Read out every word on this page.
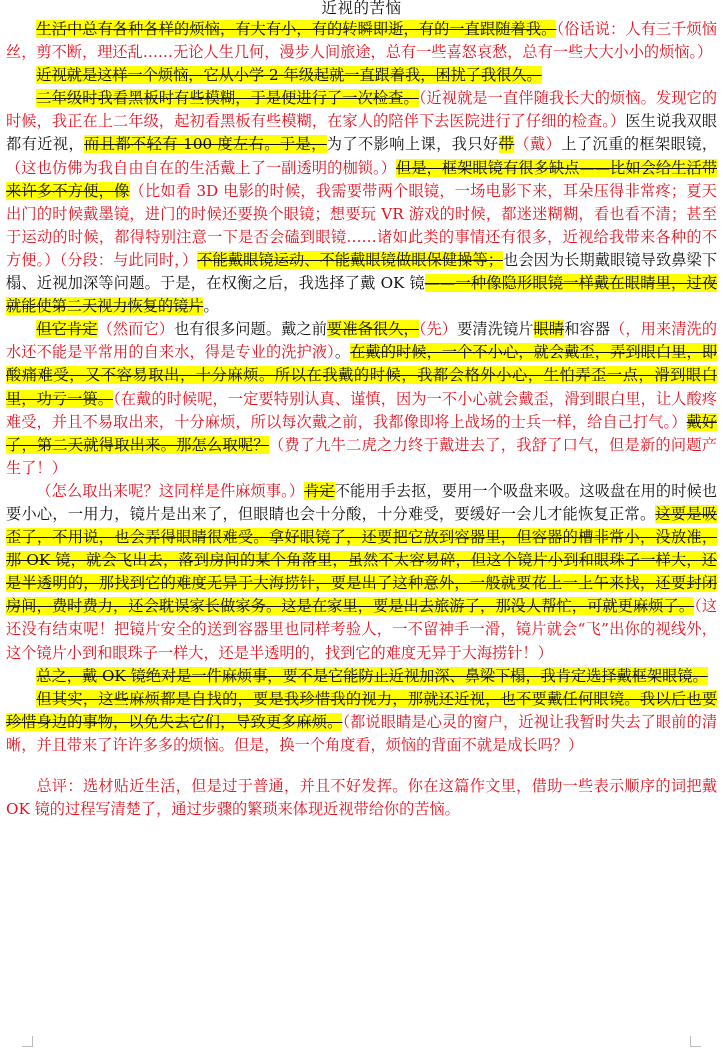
近视的苦恼

生活中总有各种各样的烦恼，有大有小，有的转瞬即逝，有的一直跟随着我。（俗话说：人有三千烦恼丝，剪不断，理还乱……无论人生几何，漫步人间旅途，总有一些喜怒哀愁，总有一些大大小小的烦恼。）

近视就是这样一个烦恼，它从小学 2 年级起就一直跟着我，困扰了我很久。

二年级时我看黑板时有些模糊，于是便进行了一次检查。（近视就是一直伴随我长大的烦恼。发现它的时候，我正在上二年级，起初看黑板有些模糊，在家人的陪伴下去医院进行了仔细的检查。）医生说我双眼都有近视，而且都不轻有 100 度左右。于是，为了不影响上课，我只好带（戴）上了沉重的框架眼镜，（这也仿佛为我自由自在的生活戴上了一副透明的枷锁。）但是，框架眼镜有很多缺点——比如会给生活带来许多不方便，像（比如看 3D 电影的时候，我需要带两个眼镜，一场电影下来，耳朵压得非常疼；夏天出门的时候戴墨镜，进门的时候还要换个眼镜；想要玩 VR 游戏的时候，都迷迷糊糊，看也看不清；甚至于运动的时候，都得特别注意一下是否会磕到眼镜……诸如此类的事情还有很多，近视给我带来各种的不方便。）（分段：与此同时，）不能戴眼镜运动、不能戴眼镜做眼保健操等；也会因为长期戴眼镜导致鼻梁下榻、近视加深等问题。于是，在权衡之后，我选择了戴 OK 镜——一种像隐形眼镜一样戴在眼睛里，过夜就能使第二天视力恢复的镜片。

但它肯定（然而它）也有很多问题。戴之前要准备很久，（先）要清洗镜片眼睛和容器（，用来清洗的水还不能是平常用的自来水，得是专业的洗护液）。在戴的时候，一个不小心，就会戴歪，弄到眼白里，即酸痛难受，又不容易取出，十分麻烦。所以在我戴的时候，我都会格外小心，生怕弄歪一点，滑到眼白里，功亏一篑。（在戴的时候呢，一定要特别认真、谨慎，因为一不小心就会戴歪，滑到眼白里，让人酸疼难受，并且不易取出来，十分麻烦，所以每次戴之前，我都像即将上战场的士兵一样，给自己打气。）戴好了，第二天就得取出来。那怎么取呢？（费了九牛二虎之力终于戴进去了，我舒了口气，但是新的问题产生了！）

（怎么取出来呢？这同样是件麻烦事。）肯定不能用手去抠，要用一个吸盘来吸。这吸盘在用的时候也要小心，一用力，镜片是出来了，但眼睛也会十分酸，十分难受，要缓好一会儿才能恢复正常。这要是吸歪了，不用说，也会弄得眼睛很难受。拿好眼镜了，还要把它放到容器里，但容器的槽非常小，没放准，那 OK 镜，就会飞出去，落到房间的某个角落里，虽然不太容易碎，但这个镜片小到和眼珠子一样大，还是半透明的，那找到它的难度无异于大海捞针，要是出了这种意外，一般就要花上一上午来找，还要封闭房间，费时费力，还会耽误家长做家务。这是在家里，要是出去旅游了，那没人帮忙，可就更麻烦了。（这还没有结束呢！把镜片安全的送到容器里也同样考验人，一不留神手一滑，镜片就会“飞”出你的视线外，这个镜片小到和眼珠子一样大，还是半透明的，找到它的难度无异于大海捞针！）

总之，戴 OK 镜绝对是一件麻烦事，要不是它能防止近视加深、鼻梁下榻，我肯定选择戴框架眼镜。

但其实，这些麻烦都是自找的，要是我珍惜我的视力，那就还近视，也不要戴任何眼镜。我以后也要珍惜身边的事物，以免失去它们，导致更多麻烦。（都说眼睛是心灵的窗户，近视让我暂时失去了眼前的清晰，并且带来了许许多多的烦恼。但是，换一个角度看，烦恼的背面不就是成长吗？）

总评：选材贴近生活，但是过于普通，并且不好发挥。你在这篇作文里，借助一些表示顺序的词把戴 OK 镜的过程写清楚了，通过步骤的繁琐来体现近视带给你的苦恼。
